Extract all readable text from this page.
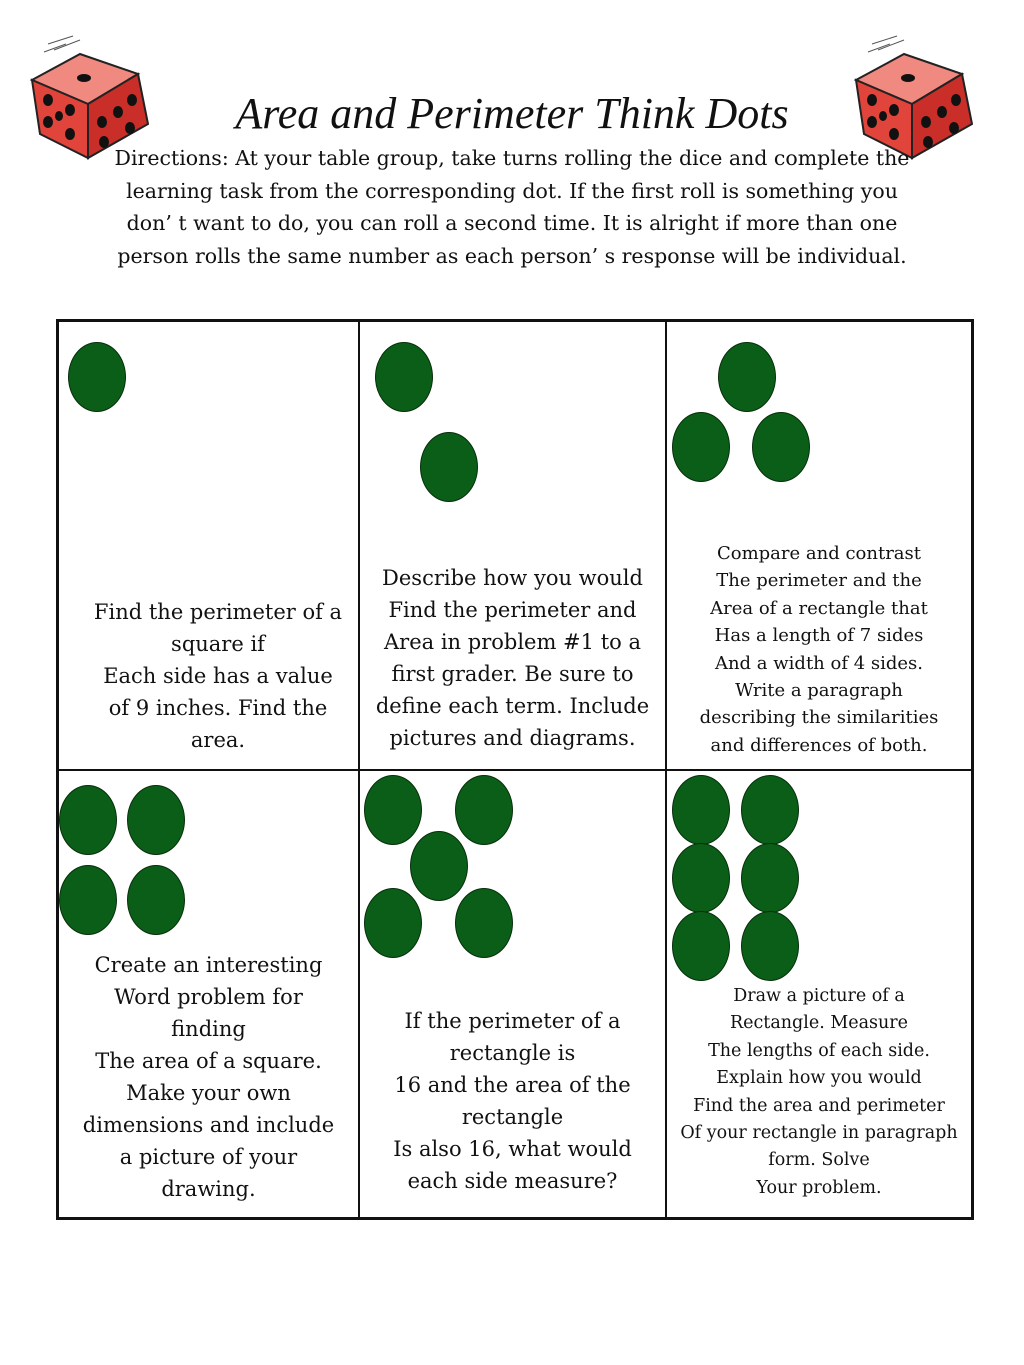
Area and Perimeter Think Dots
Directions: At your table group, take turns rolling the dice and complete the
learning task from the corresponding dot. If the first roll is something you
don’ t want to do, you can roll a second time. It is alright if more than one
person rolls the same number as each person’ s response will be individual.
Find the perimeter of a
square if
Each side has a value
of 9 inches. Find the
area.
Describe how you would
Find the perimeter and
Area in problem #1 to a
first grader. Be sure to
define each term. Include
pictures and diagrams.
Compare and contrast
The perimeter and the
Area of a rectangle that
Has a length of 7 sides
And a width of 4 sides.
Write a paragraph
describing the similarities
and differences of both.
Create an interesting
Word problem for
finding
The area of a square.
Make your own
dimensions and include
a picture of your
drawing.
If the perimeter of a
rectangle is
16 and the area of the
rectangle
Is also 16, what would
each side measure?
Draw a picture of a
Rectangle. Measure
The lengths of each side.
Explain how you would
Find the area and perimeter
Of your rectangle in paragraph
form. Solve
Your problem.
